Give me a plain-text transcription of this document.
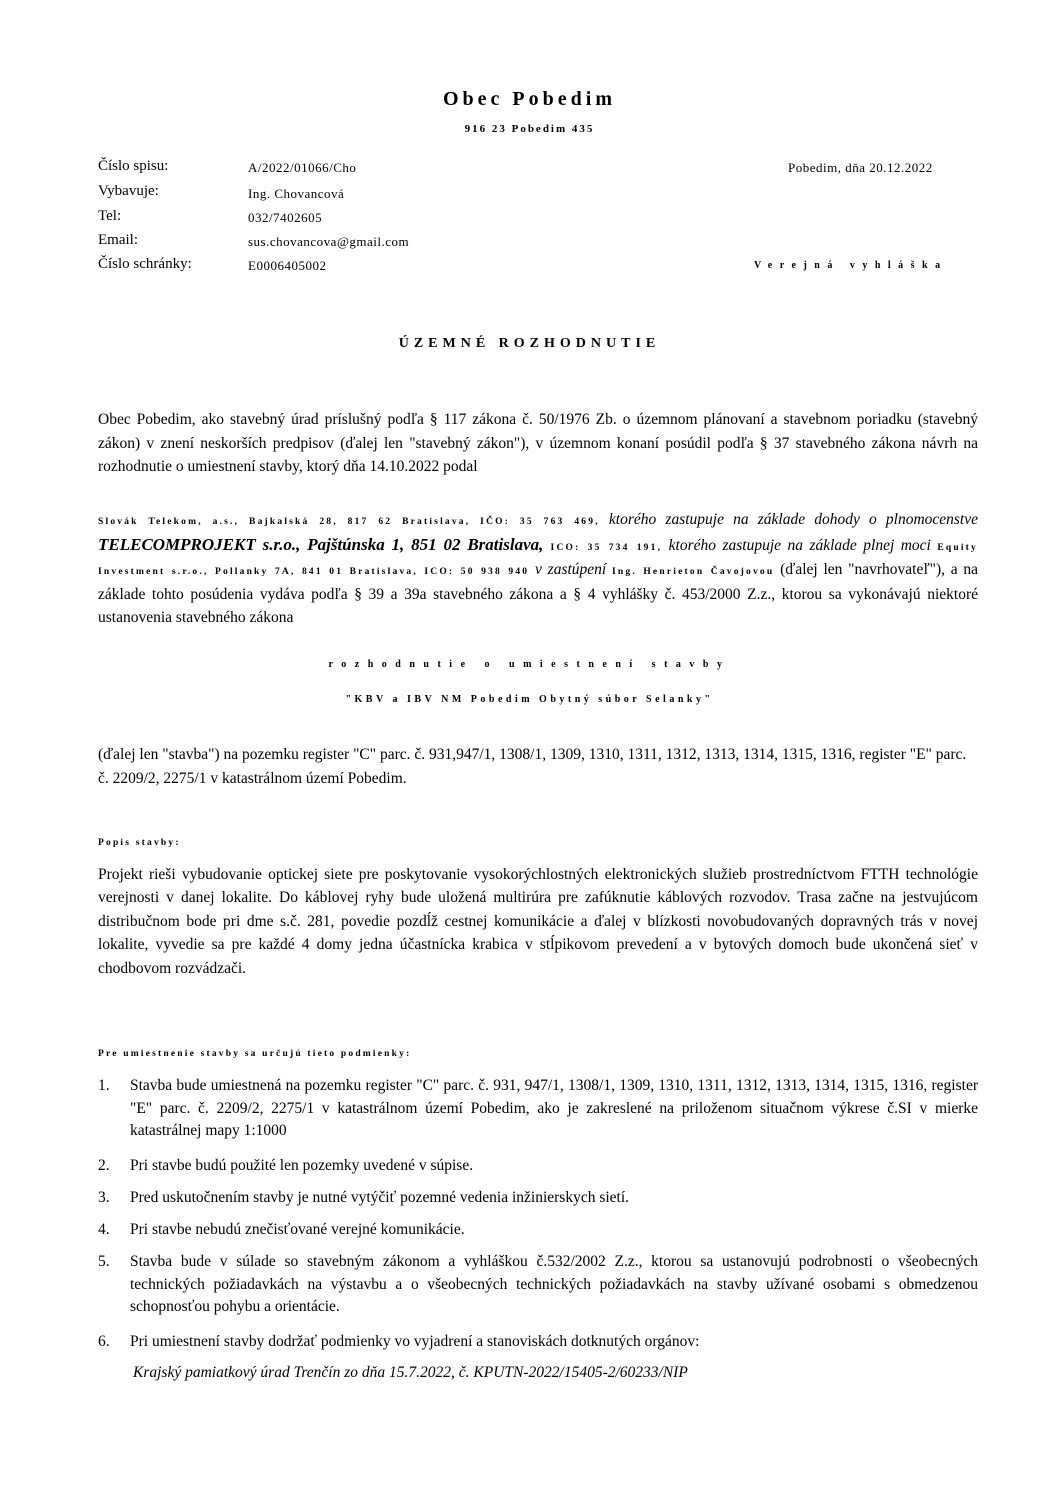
Obec Pobedim
916 23 Pobedim 435
Číslo spisu:	A/2022/01066/Cho
Vybavuje:	Ing. Chovancová
Tel:	032/7402605
Email:	sus.chovancova@gmail.com
Číslo schránky:	E0006405002
Pobedim, dňa 20.12.2022
Verejná vyhláška
ÚZEMNÉ ROZHODNUTIE
Obec Pobedim, ako stavebný úrad príslušný podľa § 117 zákona č. 50/1976 Zb. o územnom plánovaní a stavebnom poriadku (stavebný zákon) v znení neskorších predpisov (ďalej len "stavebný zákon"), v územnom konaní posúdil podľa § 37 stavebného zákona návrh na rozhodnutie o umiestnení stavby, ktorý dňa 14.10.2022 podal
Slovák Telekom, a.s., Bajkalská 28, 817 62 Bratislava, IČO: 35 763 469, ktorého zastupuje na základe dohody o plnomocenstve TELECOMPROJEKT s.r.o., Pajštúnska 1, 851 02 Bratislava, ICO: 35 734 191, ktorého zastupuje na základe plnej moci Equity Investment s.r.o., Pollanky 7A, 841 01 Bratislava, ICO: 50 938 940 v zastúpení Ing. Henrieton Čavojovou (ďalej len "navrhovateľ"), a na základe tohto posúdenia vydáva podľa § 39 a 39a stavebného zákona a § 4 vyhlášky č. 453/2000 Z.z., ktorou sa vykonávajú niektoré ustanovenia stavebného zákona
rozhodnutie o umiestnení stavby
"KBV a IBV NM Pobedim Obytný súbor Selanky"
(ďalej len "stavba") na pozemku register "C" parc. č. 931,947/1, 1308/1, 1309, 1310, 1311, 1312, 1313, 1314, 1315, 1316, register "E" parc. č. 2209/2, 2275/1 v katastrálnom území Pobedim.
Popis stavby:
Projekt rieši vybudovanie optickej siete pre poskytovanie vysokorýchlostných elektronických služieb prostredníctvom FTTH technológie verejnosti v danej lokalite. Do káblovej ryhy bude uložená multirúra pre zafúknutie káblových rozvodov. Trasa začne na jestvujúcom distribučnom bode pri dme s.č. 281, povedie pozdĺž cestnej komunikácie a ďalej v blízkosti novobudovaných dopravných trás v novej lokalite, vyvedie sa pre každé 4 domy jedna účastnícka krabica v stĺpikovom prevedení a v bytových domoch bude ukončená sieť v chodbovom rozvádzači.
Pre umiestnenie stavby sa určujú tieto podmienky:
1. Stavba bude umiestnená na pozemku register "C" parc. č. 931, 947/1, 1308/1, 1309, 1310, 1311, 1312, 1313, 1314, 1315, 1316, register "E" parc. č. 2209/2, 2275/1 v katastrálnom území Pobedim, ako je zakreslené na priloženom situačnom výkrese č.SI v mierke katastrálnej mapy 1:1000
2. Pri stavbe budú použité len pozemky uvedené v súpise.
3. Pred uskutočnením stavby je nutné vytýčiť pozemné vedenia inžinierskych sietí.
4. Pri stavbe nebudú znečisťované verejné komunikácie.
5. Stavba bude v súlade so stavebným zákonom a vyhláškou č.532/2002 Z.z., ktorou sa ustanovujú podrobnosti o všeobecných technických požiadavkách na výstavbu a o všeobecných technických požiadavkách na stavby užívané osobami s obmedzenou schopnosťou pohybu a orientácie.
6. Pri umiestnení stavby dodržať podmienky vo vyjadrení a stanoviskách dotknutých orgánov:
Krajský pamiatkový úrad Trenčín zo dňa 15.7.2022, č. KPUTN-2022/15405-2/60233/NIP
